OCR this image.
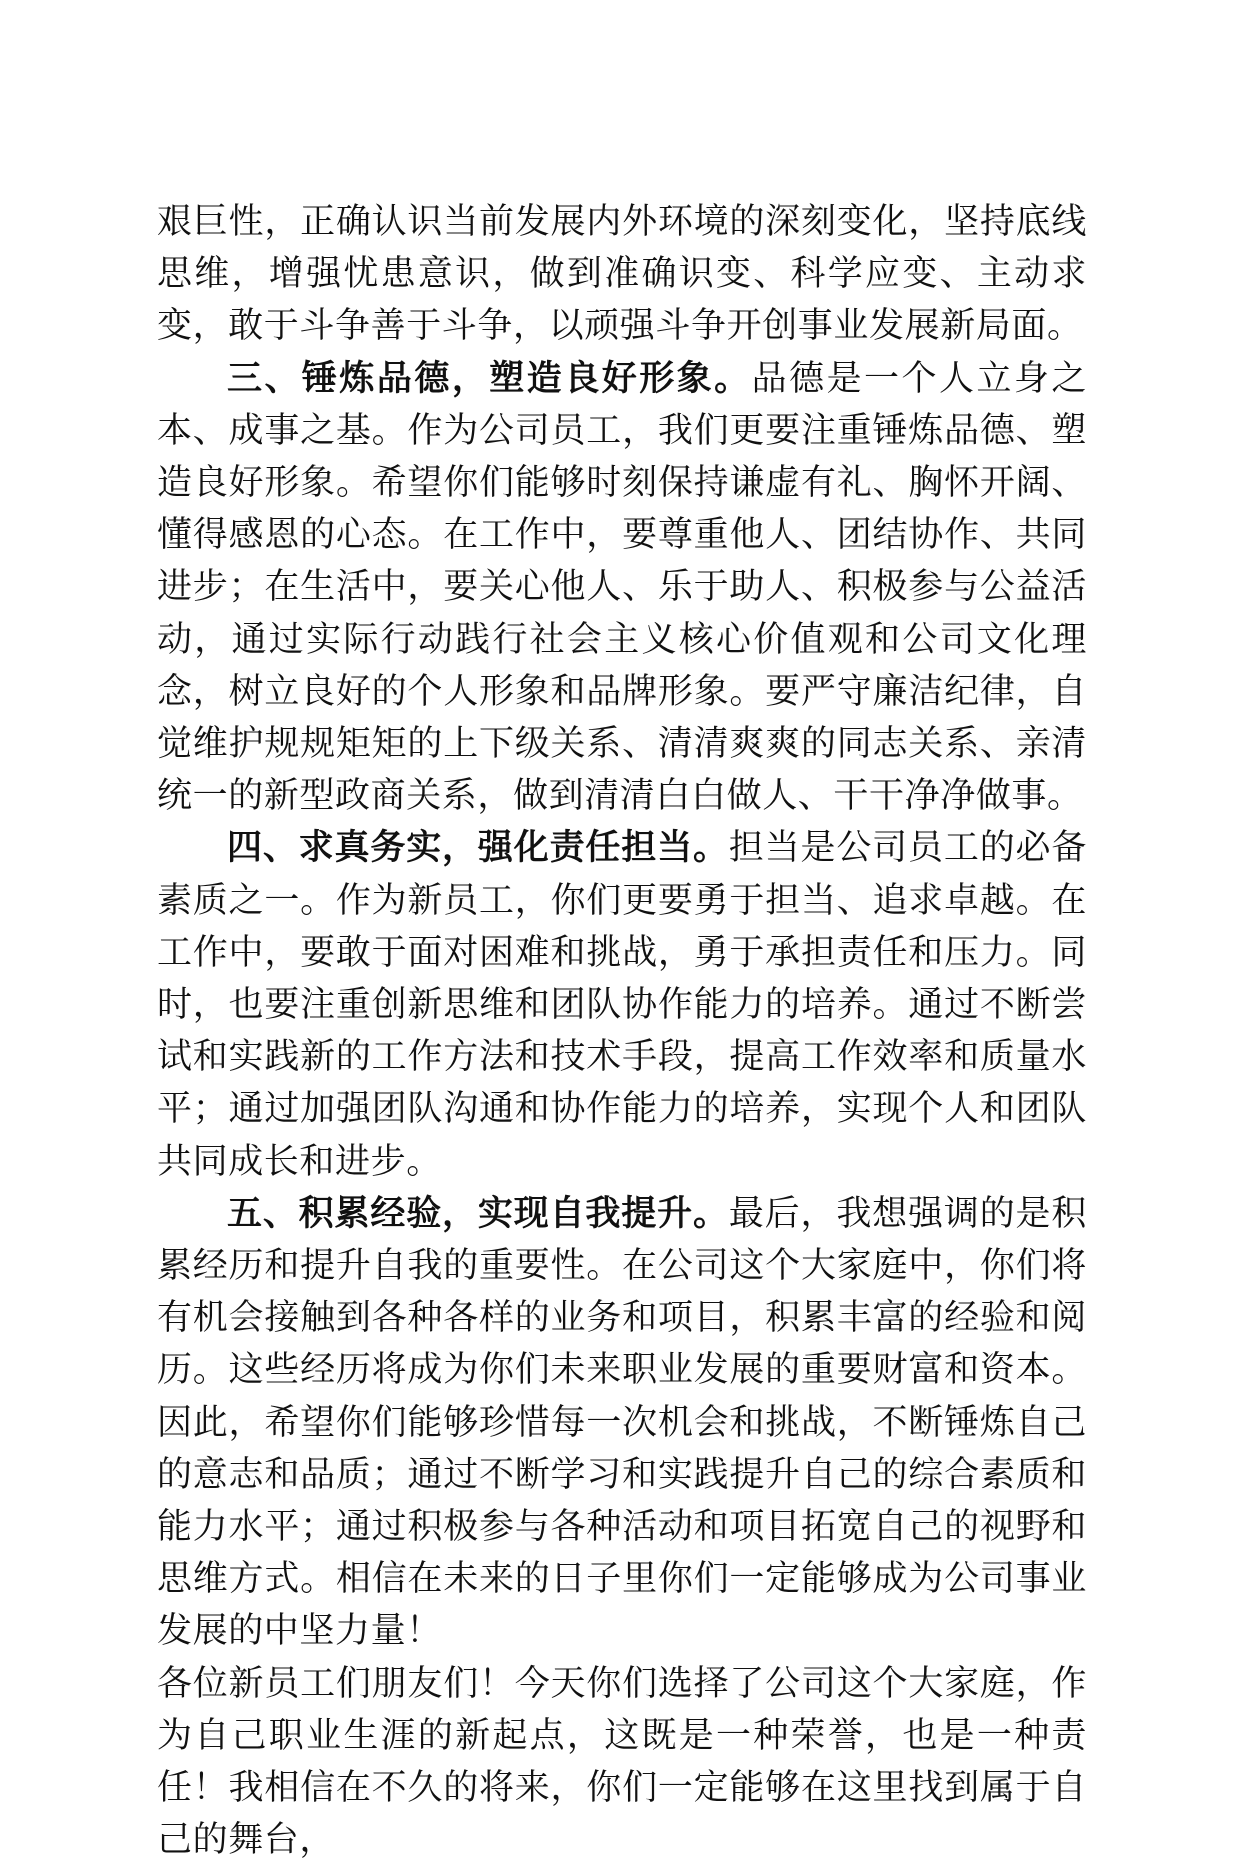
艰巨性，正确认识当前发展内外环境的深刻变化，坚持底线思维，增强忧患意识，做到准确识变、科学应变、主动求变，敢于斗争善于斗争，以顽强斗争开创事业发展新局面。

三、锤炼品德，塑造良好形象。品德是一个人立身之本、成事之基。作为公司员工，我们更要注重锤炼品德、塑造良好形象。希望你们能够时刻保持谦虚有礼、胸怀开阔、懂得感恩的心态。在工作中，要尊重他人、团结协作、共同进步；在生活中，要关心他人、乐于助人、积极参与公益活动，通过实际行动践行社会主义核心价值观和公司文化理念，树立良好的个人形象和品牌形象。要严守廉洁纪律，自觉维护规规矩矩的上下级关系、清清爽爽的同志关系、亲清统一的新型政商关系，做到清清白白做人、干干净净做事。

四、求真务实，强化责任担当。担当是公司员工的必备素质之一。作为新员工，你们更要勇于担当、追求卓越。在工作中，要敢于面对困难和挑战，勇于承担责任和压力。同时，也要注重创新思维和团队协作能力的培养。通过不断尝试和实践新的工作方法和技术手段，提高工作效率和质量水平；通过加强团队沟通和协作能力的培养，实现个人和团队共同成长和进步。

五、积累经验，实现自我提升。最后，我想强调的是积累经历和提升自我的重要性。在公司这个大家庭中，你们将有机会接触到各种各样的业务和项目，积累丰富的经验和阅历。这些经历将成为你们未来职业发展的重要财富和资本。因此，希望你们能够珍惜每一次机会和挑战，不断锤炼自己的意志和品质；通过不断学习和实践提升自己的综合素质和能力水平；通过积极参与各种活动和项目拓宽自己的视野和思维方式。相信在未来的日子里你们一定能够成为公司事业发展的中坚力量！

各位新员工们朋友们！今天你们选择了公司这个大家庭，作为自己职业生涯的新起点，这既是一种荣誉，也是一种责任！我相信在不久的将来，你们一定能够在这里找到属于自己的舞台，
